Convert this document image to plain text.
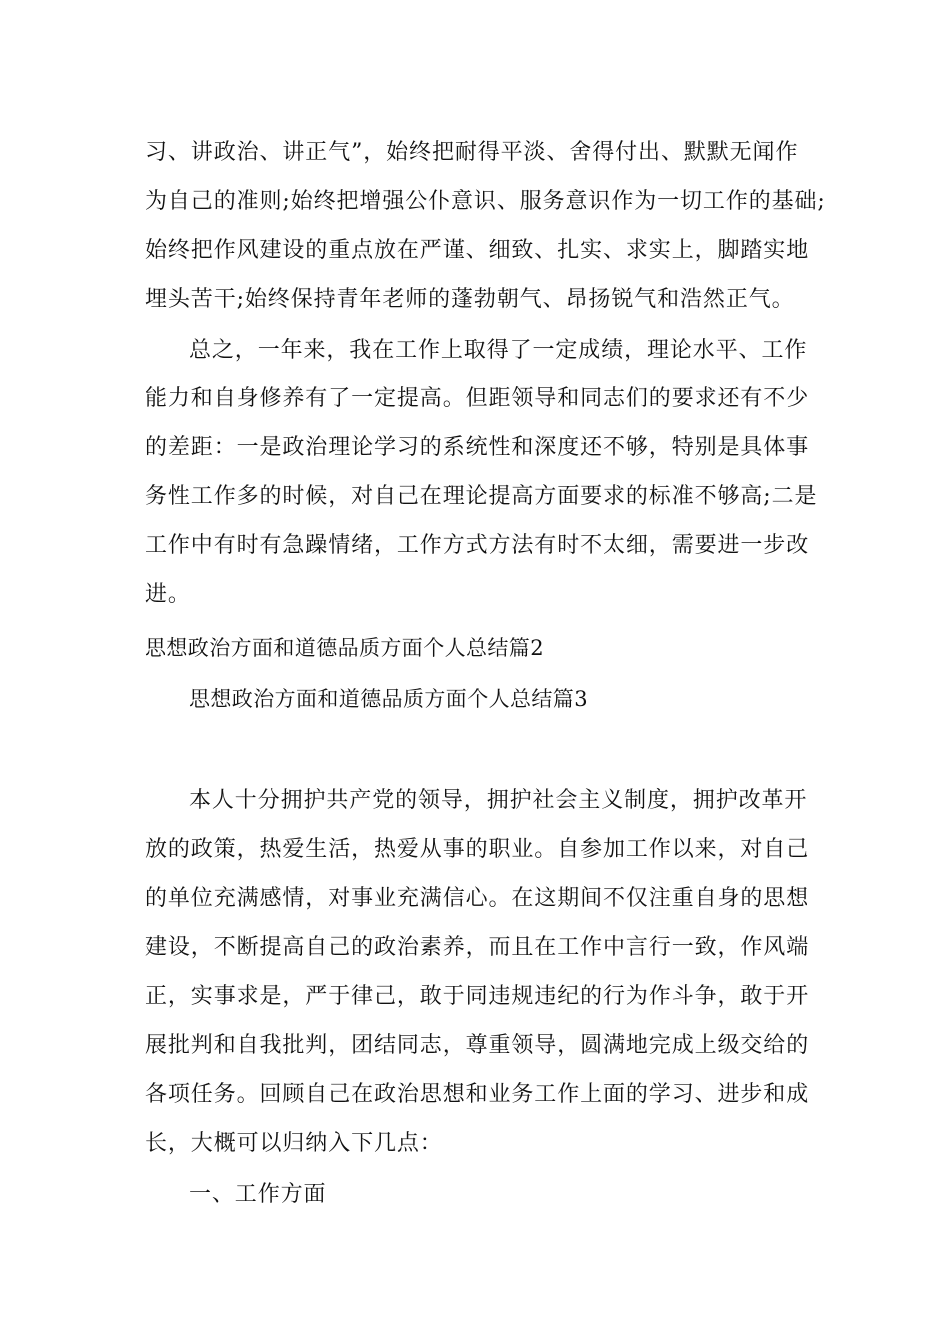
习、讲政治、讲正气”，始终把耐得平淡、舍得付出、默默无闻作
为自己的准则;始终把增强公仆意识、服务意识作为一切工作的基础;
始终把作风建设的重点放在严谨、细致、扎实、求实上，脚踏实地
埋头苦干;始终保持青年老师的蓬勃朝气、昂扬锐气和浩然正气。
总之，一年来，我在工作上取得了一定成绩，理论水平、工作
能力和自身修养有了一定提高。但距领导和同志们的要求还有不少
的差距：一是政治理论学习的系统性和深度还不够，特别是具体事
务性工作多的时候，对自己在理论提高方面要求的标准不够高;二是
工作中有时有急躁情绪，工作方式方法有时不太细，需要进一步改
进。
思想政治方面和道德品质方面个人总结篇2
思想政治方面和道德品质方面个人总结篇3
本人十分拥护共产党的领导，拥护社会主义制度，拥护改革开
放的政策，热爱生活，热爱从事的职业。自参加工作以来，对自己
的单位充满感情，对事业充满信心。在这期间不仅注重自身的思想
建设，不断提高自己的政治素养，而且在工作中言行一致，作风端
正，实事求是，严于律己，敢于同违规违纪的行为作斗争，敢于开
展批判和自我批判，团结同志，尊重领导，圆满地完成上级交给的
各项任务。回顾自己在政治思想和业务工作上面的学习、进步和成
长，大概可以归纳入下几点：
一、工作方面
